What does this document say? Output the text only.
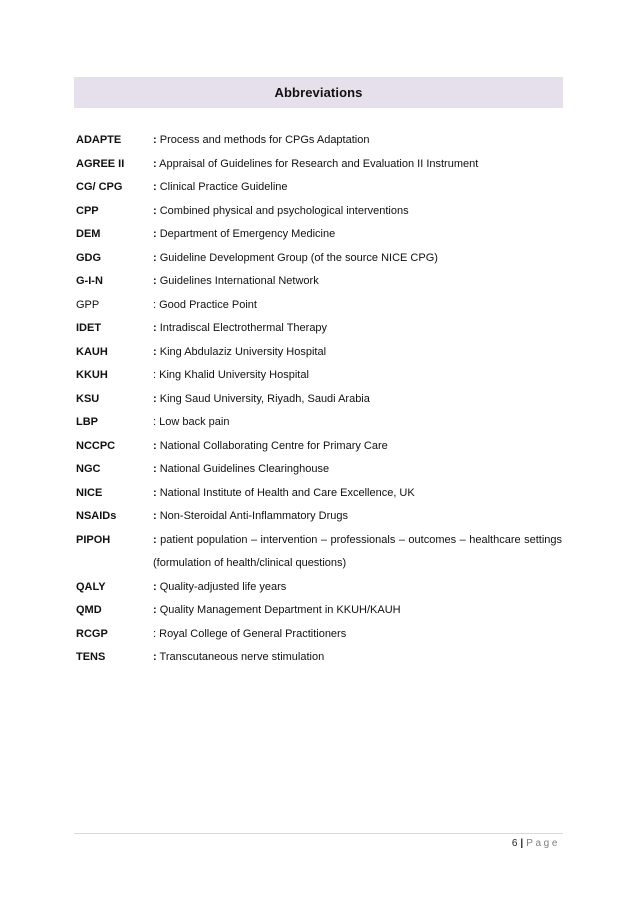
Abbreviations
ADAPTE	: Process and methods for CPGs Adaptation
AGREE II	: Appraisal of Guidelines for Research and Evaluation II Instrument
CG/ CPG	: Clinical Practice Guideline
CPP	: Combined physical and psychological interventions
DEM	: Department of Emergency Medicine
GDG	: Guideline Development Group (of the source NICE CPG)
G-I-N	: Guidelines International Network
GPP	: Good Practice Point
IDET	: Intradiscal Electrothermal Therapy
KAUH	: King Abdulaziz University Hospital
KKUH	: King Khalid University Hospital
KSU	: King Saud University, Riyadh, Saudi Arabia
LBP	: Low back pain
NCCPC	: National Collaborating Centre for Primary Care
NGC	: National Guidelines Clearinghouse
NICE	: National Institute of Health and Care Excellence, UK
NSAIDs	: Non-Steroidal Anti-Inflammatory Drugs
PIPOH	: patient population – intervention – professionals – outcomes – healthcare settings (formulation of health/clinical questions)
QALY	: Quality-adjusted life years
QMD	: Quality Management Department in KKUH/KAUH
RCGP	: Royal College of General Practitioners
TENS	: Transcutaneous nerve stimulation
6 | Page
